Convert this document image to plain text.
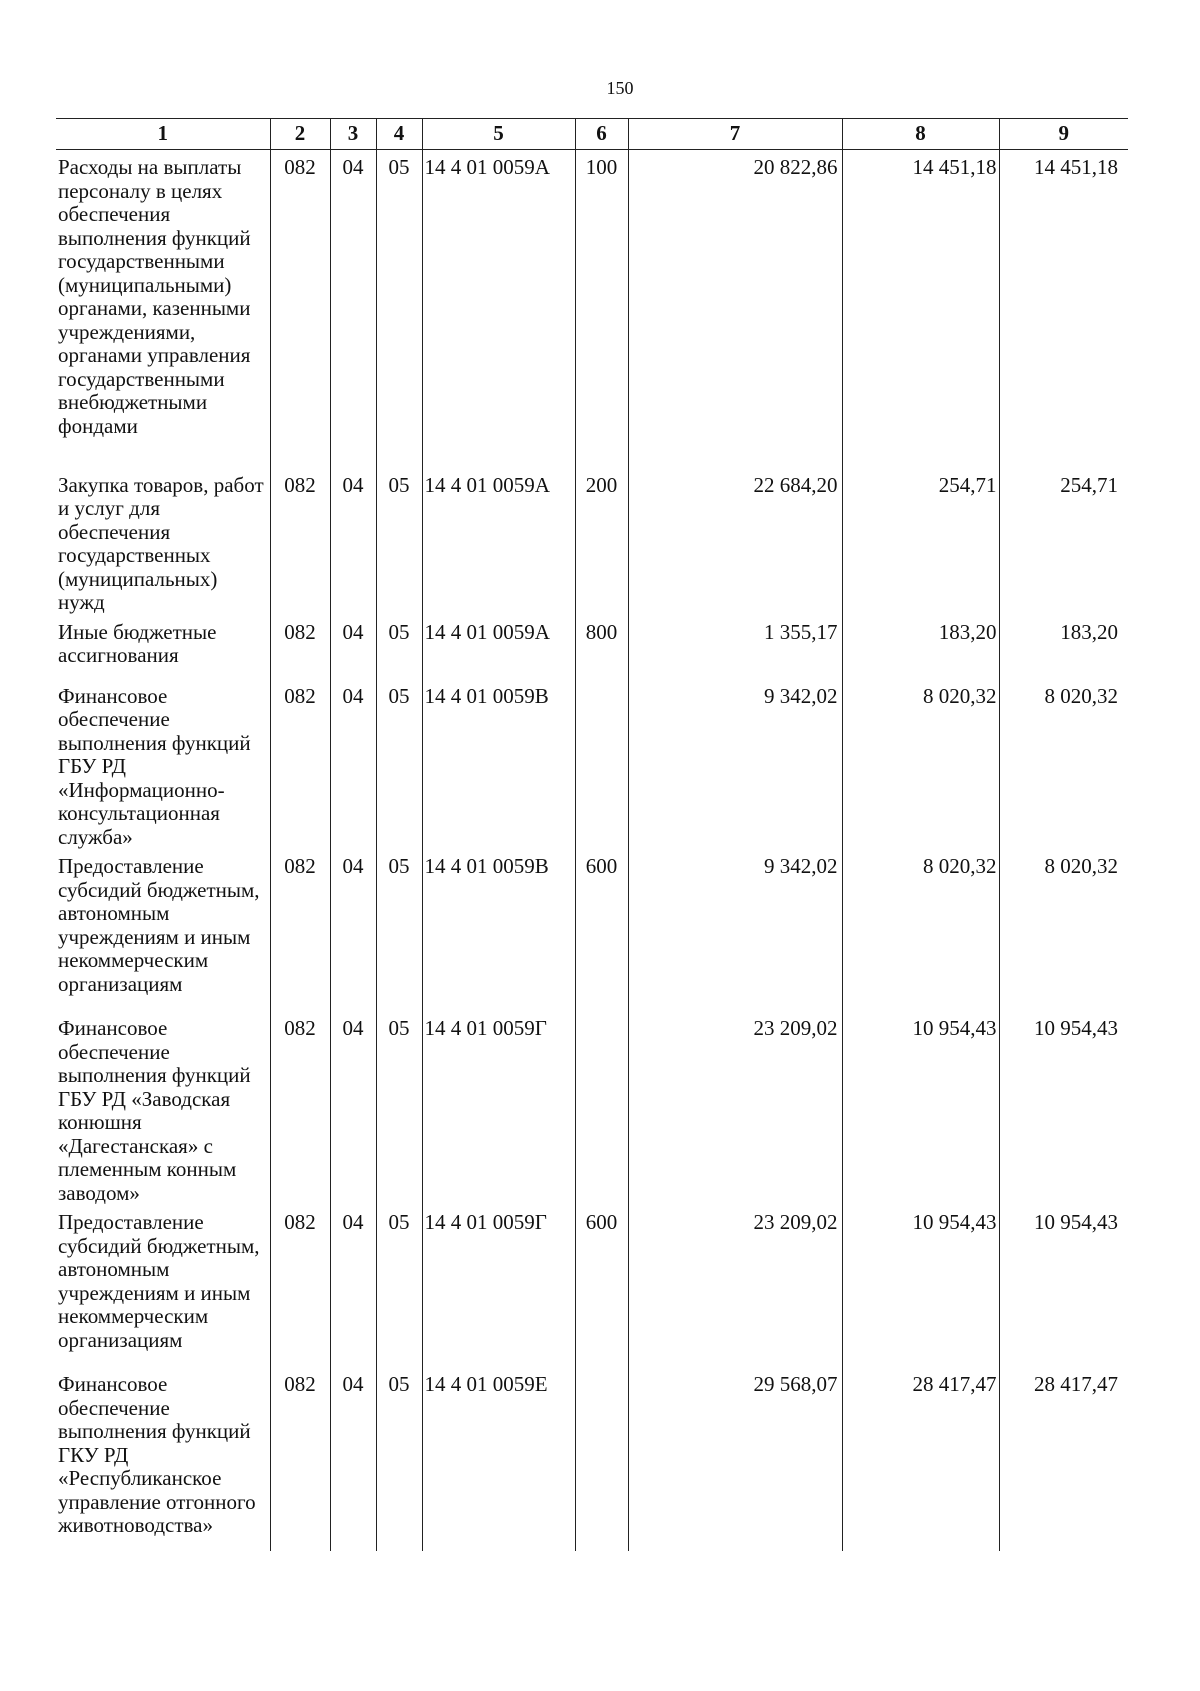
150
1	2	3	4	5	6	7	8	9
Расходы на выплаты персоналу в целях обеспечения выполнения функций государственными (муниципальными) органами, казенными учреждениями, органами управления государственными внебюджетными фондами	082	04	05	14 4 01 0059А	100	20 822,86	14 451,18	14 451,18
Закупка товаров, работ и услуг для обеспечения государственных (муниципальных) нужд	082	04	05	14 4 01 0059А	200	22 684,20	254,71	254,71
Иные бюджетные ассигнования	082	04	05	14 4 01 0059А	800	1 355,17	183,20	183,20
Финансовое обеспечение выполнения функций ГБУ РД «Информационно-консультационная служба»	082	04	05	14 4 01 0059В		9 342,02	8 020,32	8 020,32
Предоставление субсидий бюджетным, автономным учреждениям и иным некоммерческим организациям	082	04	05	14 4 01 0059В	600	9 342,02	8 020,32	8 020,32
Финансовое обеспечение выполнения функций ГБУ РД «Заводская конюшня «Дагестанская» с племенным конным заводом»	082	04	05	14 4 01 0059Г		23 209,02	10 954,43	10 954,43
Предоставление субсидий бюджетным, автономным учреждениям и иным некоммерческим организациям	082	04	05	14 4 01 0059Г	600	23 209,02	10 954,43	10 954,43
Финансовое обеспечение выполнения функций ГКУ РД «Республиканское управление отгонного животноводства»	082	04	05	14 4 01 0059Е		29 568,07	28 417,47	28 417,47
